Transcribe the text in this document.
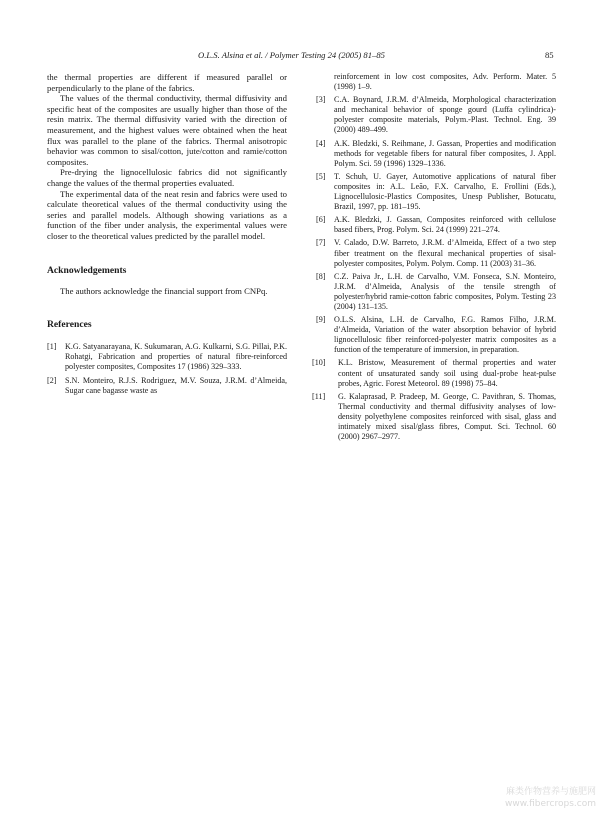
O.L.S. Alsina et al. / Polymer Testing 24 (2005) 81–85	85

the thermal properties are different if measured parallel or perpendicularly to the plane of the fabrics.

The values of the thermal conductivity, thermal diffusivity and specific heat of the composites are usually higher than those of the resin matrix. The thermal diffusivity varied with the direction of measurement, and the highest values were obtained when the heat flux was parallel to the plane of the fabrics. Thermal anisotropic behavior was common to sisal/cotton, jute/cotton and ramie/cotton composites.

Pre-drying the lignocellulosic fabrics did not significantly change the values of the thermal properties evaluated.

The experimental data of the neat resin and fabrics were used to calculate theoretical values of the thermal conductivity using the series and parallel models. Although showing variations as a function of the fiber under analysis, the experimental values were closer to the theoretical values predicted by the parallel model.

Acknowledgements

The authors acknowledge the financial support from CNPq.

References

[1] K.G. Satyanarayana, K. Sukumaran, A.G. Kulkarni, S.G. Pillai, P.K. Rohatgi, Fabrication and properties of natural fibre-reinforced polyester composites, Composites 17 (1986) 329–333.
[2] S.N. Monteiro, R.J.S. Rodriguez, M.V. Souza, J.R.M. d’Almeida, Sugar cane bagasse waste as
reinforcement in low cost composites, Adv. Perform. Mater. 5 (1998) 1–9.
[3] C.A. Boynard, J.R.M. d’Almeida, Morphological characterization and mechanical behavior of sponge gourd (Luffa cylindrica)-polyester composite materials, Polym.-Plast. Technol. Eng. 39 (2000) 489–499.
[4] A.K. Bledzki, S. Reihmane, J. Gassan, Properties and modification methods for vegetable fibers for natural fiber composites, J. Appl. Polym. Sci. 59 (1996) 1329–1336.
[5] T. Schuh, U. Gayer, Automotive applications of natural fiber composites in: A.L. Leão, F.X. Carvalho, E. Frollini (Eds.), Lignocellulosic-Plastics Composites, Unesp Publisher, Botucatu, Brazil, 1997, pp. 181–195.
[6] A.K. Bledzki, J. Gassan, Composites reinforced with cellulose based fibers, Prog. Polym. Sci. 24 (1999) 221–274.
[7] V. Calado, D.W. Barreto, J.R.M. d’Almeida, Effect of a two step fiber treatment on the flexural mechanical properties of sisal-polyester composites, Polym. Polym. Comp. 11 (2003) 31–36.
[8] C.Z. Paiva Jr., L.H. de Carvalho, V.M. Fonseca, S.N. Monteiro, J.R.M. d’Almeida, Analysis of the tensile strength of polyester/hybrid ramie-cotton fabric composites, Polym. Testing 23 (2004) 131–135.
[9] O.L.S. Alsina, L.H. de Carvalho, F.G. Ramos Filho, J.R.M. d’Almeida, Variation of the water absorption behavior of hybrid lignocellulosic fiber reinforced-polyester matrix composites as a function of the temperature of immersion, in preparation.
[10] K.L. Bristow, Measurement of thermal properties and water content of unsaturated sandy soil using dual-probe heat-pulse probes, Agric. Forest Meteorol. 89 (1998) 75–84.
[11] G. Kalaprasad, P. Pradeep, M. George, C. Pavithran, S. Thomas, Thermal conductivity and thermal diffusivity analyses of low-density polyethylene composites reinforced with sisal, glass and intimately mixed sisal/glass fibres, Comput. Sci. Technol. 60 (2000) 2967–2977.
麻类作物营养与施肥网
www.fibercrops.com
